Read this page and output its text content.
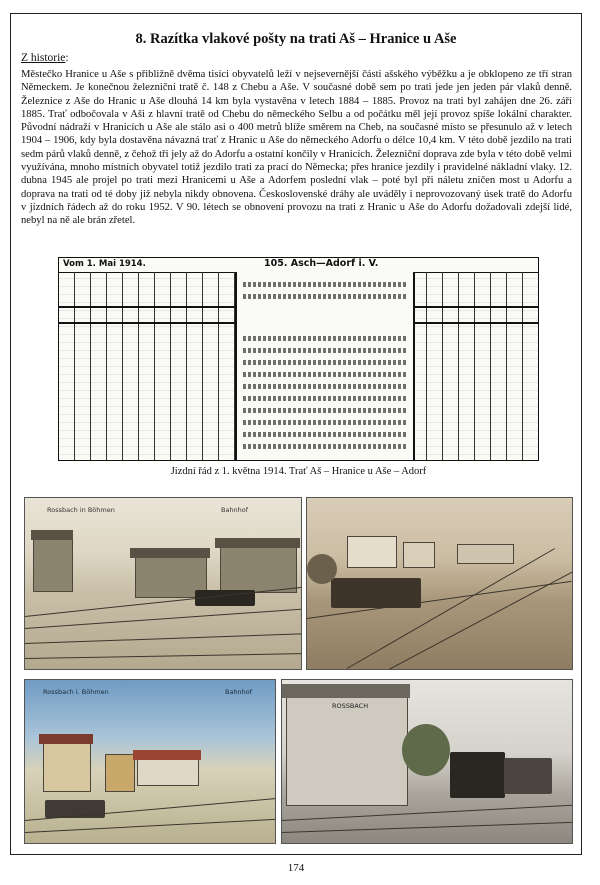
8. Razítka vlakové pošty na trati Aš – Hranice u Aše

Z historie:

Městečko Hranice u Aše s přibližně dvěma tisíci obyvatelů leží v nejsevernější části ašského výběžku a je obklopeno ze tří stran Německem. Je konečnou železniční tratě č. 148 z Chebu a Aše. V současné době sem po trati jede jen jeden pár vlaků denně. Železnice z Aše do Hranic u Aše dlouhá 14 km byla vystavěna v letech 1884 – 1885. Provoz na trati byl zahájen dne 26. září 1885. Trať odbočovala v Aši z hlavní tratě od Chebu do německého Selbu a od počátku měl její provoz spíše lokální charakter. Původní nádraží v Hranicích u Aše ale stálo asi o 400 metrů blíže směrem na Cheb, na současné místo se přesunulo až v letech 1904 – 1906, kdy byla dostavěna návazná trať z Hranic u Aše do německého Adorfu o délce 10,4 km. V této době jezdilo na trati sedm párů vlaků denně, z čehož tři jely až do Adorfu a ostatní končily v Hranicích. Železniční doprava zde byla v této době velmi využívána, mnoho místních obyvatel totiž jezdilo trati za prací do Německa; přes hranice jezdily i pravidelné nákladní vlaky. 12. dubna 1945 ale projel po trati mezi Hranicemi u Aše a Adorfem poslední vlak – poté byl při náletu zničen most u Adorfu a doprava na trati od té doby již nebyla nikdy obnovena. Československé dráhy ale uváděly i neprovozovaný úsek tratě do Adorfu v jízdních řádech až do roku 1952. V 90. létech se obnovení provozu na trati z Hranic u Aše do Adorfu dožadovali zdejší lidé, nebyl na ně ale brán zřetel.

Vom 1. Mai 1914.	105. Asch—Adorf i. V.
Jízdní řád z 1. května 1914. Trať Aš – Hranice u Aše – Adorf
Rossbach in Böhmen	Bahnhof
Rossbach i. Böhmen	Bahnhof
ROSSBACH
174
